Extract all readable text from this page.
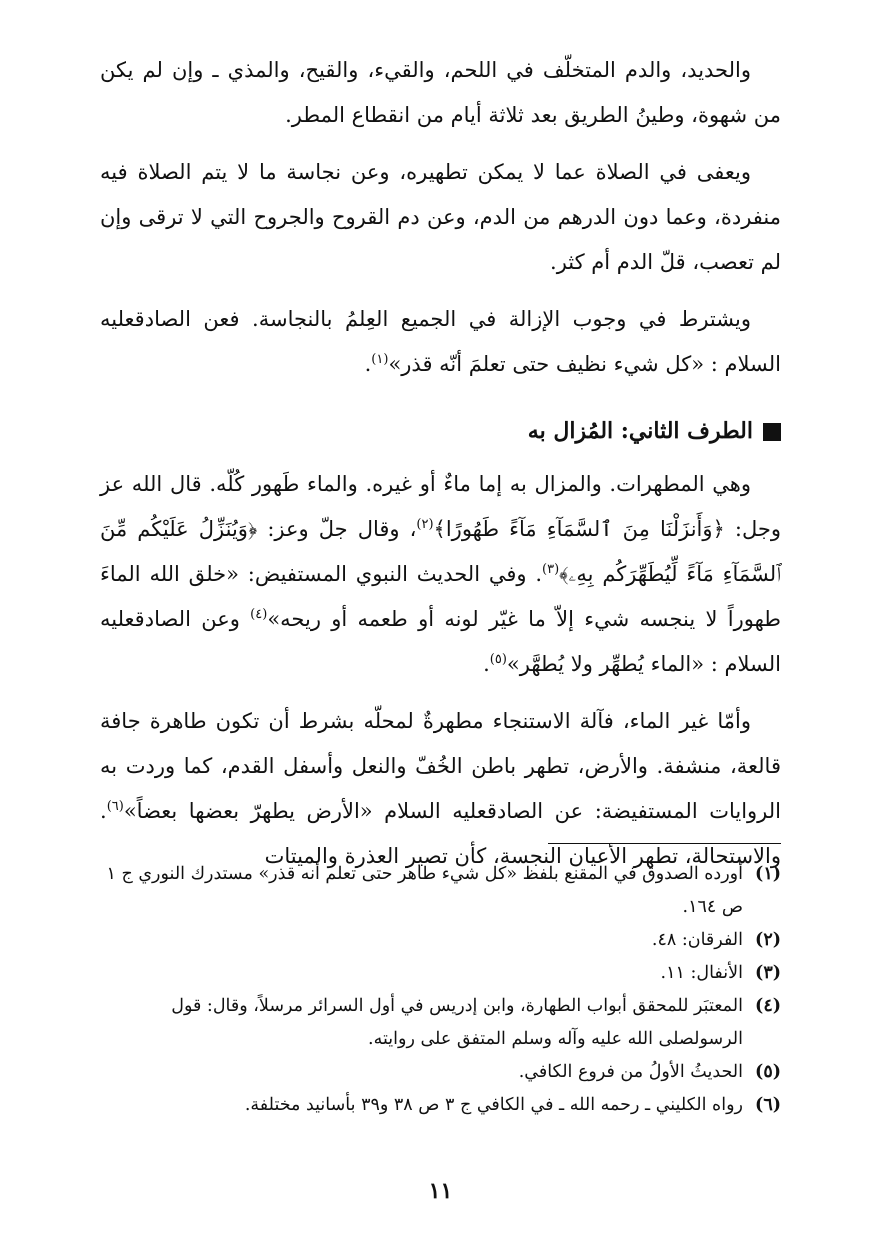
والحديد، والدم المتخلّف في اللحم، والقيء، والقيح، والمذي ـ وإن لم يكن من شهوة، وطينُ الطريق بعد ثلاثة أيام من انقطاع المطر.

ويعفى في الصلاة عما لا يمكن تطهيره، وعن نجاسة ما لا يتم الصلاة فيه منفردة، وعما دون الدرهم من الدم، وعن دم القروح والجروح التي لا ترقى وإن لم تعصب، قلّ الدم أم كثر.

ويشترط في وجوب الإزالة في الجميع العِلمُ بالنجاسة. فعن الصادقعليه السلام : «كل شيء نظيف حتى تعلمَ أنّه قذر»$^{(١)}$.

الطرف الثاني: المُزال به

وهي المطهرات. والمزال به إما ماءٌ أو غيره. والماء طَهور كُلّه. قال الله عز وجل: ﴿وَأَنزَلْنَا مِنَ ٱلسَّمَآءِ مَآءً طَهُورًا﴾$^{(٢)}$، وقال جلّ وعز: ﴿وَيُنَزِّلُ عَلَيْكُم مِّنَ ٱلسَّمَآءِ مَآءً لِّيُطَهِّرَكُم بِهِۦ﴾$^{(٣)}$. وفي الحديث النبوي المستفيض: «خلق الله الماءَ طهوراً لا ينجسه شيء إلاّ ما غيّر لونه أو طعمه أو ريحه»$^{(٤)}$ وعن الصادقعليه السلام : «الماء يُطهِّر ولا يُطهَّر»$^{(٥)}$.

وأمّا غير الماء، فآلة الاستنجاء مطهرةٌ لمحلّه بشرط أن تكون طاهرة جافة قالعة، منشفة. والأرض، تطهر باطن الخُفّ والنعل وأسفل القدم، كما وردت به الروايات المستفيضة: عن الصادقعليه السلام «الأرض يطهرّ بعضها بعضاً»$^{(٦)}$. والاستحالة، تطهر الأعيان النجسة، كأن تصير العذرة والميتات

(١)
أورده الصدوق في المقنع بلفظ «كل شيء طاهر حتى تعلم أنه قذر» مستدرك النوري ج ١ ص ١٦٤.
(٢)
الفرقان: ٤٨.
(٣)
الأنفال: ١١.
(٤)
المعتبَر للمحقق أبواب الطهارة، وابن إدريس في أول السرائر مرسلاً، وقال: قول الرسولصلى الله عليه وآله وسلم المتفق على روايته.
(٥)
الحديثُ الأولُ من فروع الكافي.
(٦)
رواه الكليني ـ رحمه الله ـ في الكافي ج ٣ ص ٣٨ و٣٩ بأسانيد مختلفة.
١١
